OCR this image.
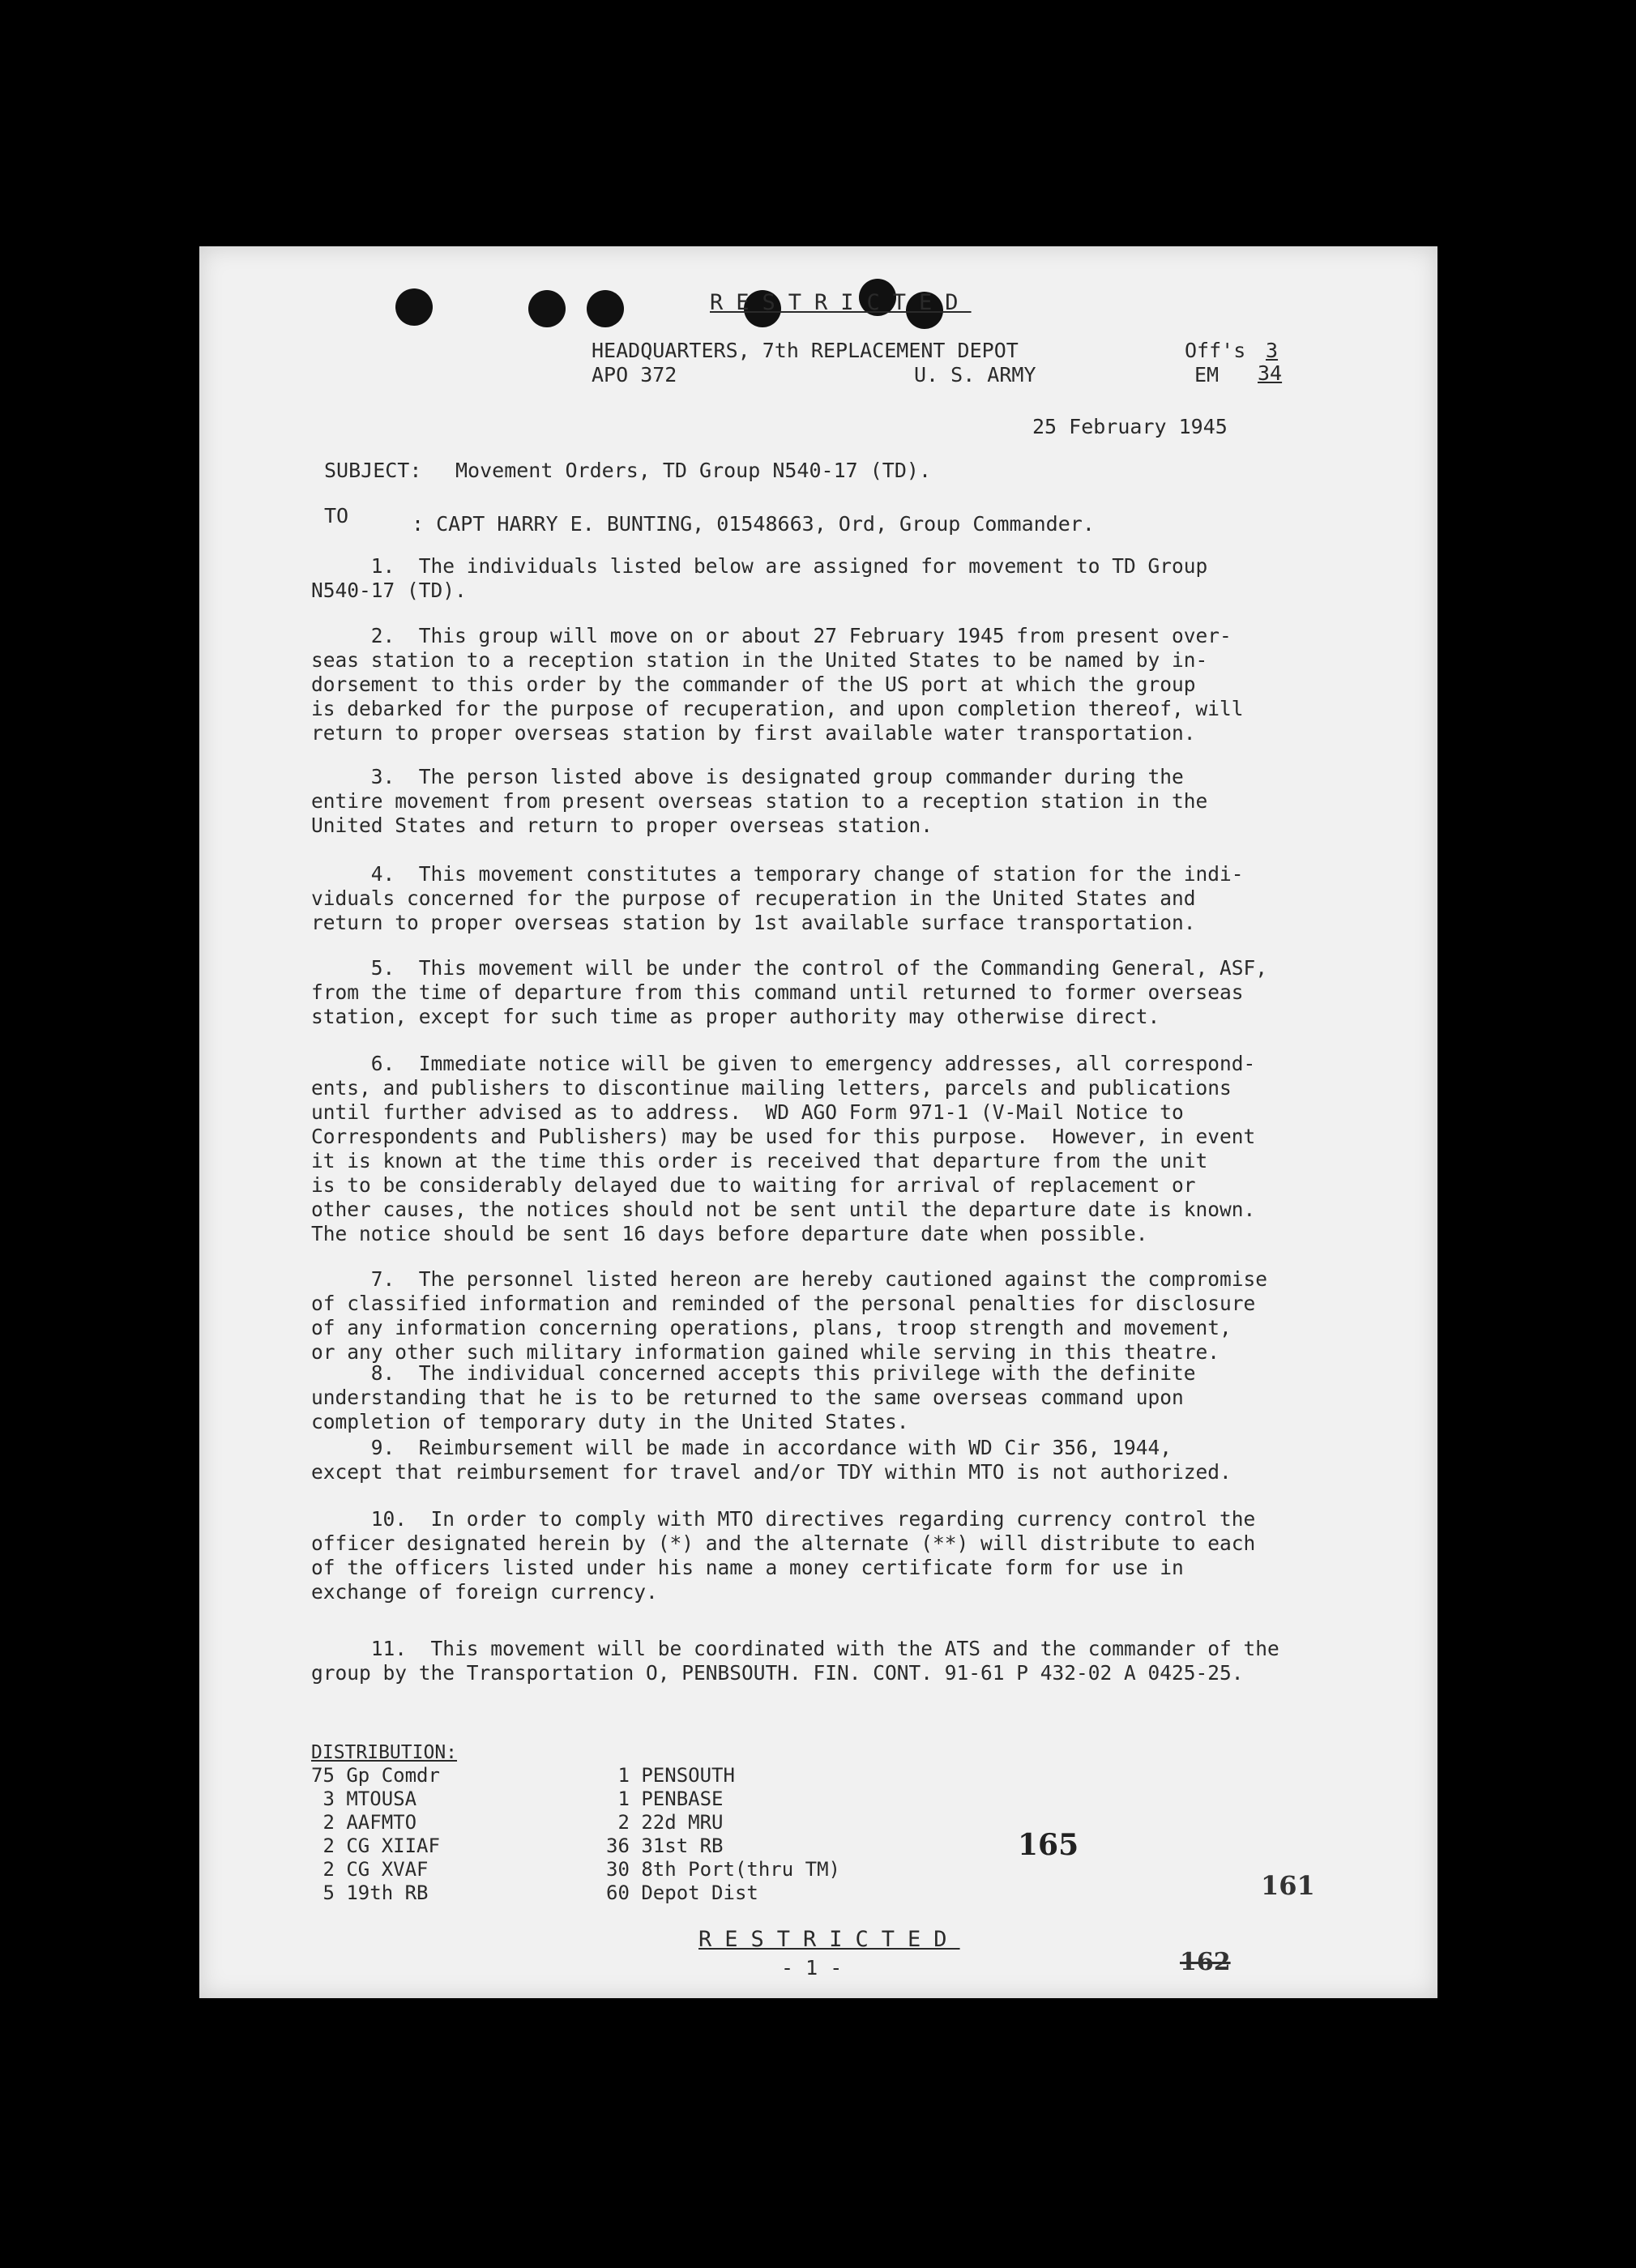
RESTRICTED
HEADQUARTERS, 7th REPLACEMENT DEPOT
APO 372	U. S. ARMY
Off's 3
EM 34
25 February 1945
SUBJECT: Movement Orders, TD Group N540-17 (TD).
TO	: CAPT HARRY E. BUNTING, 01548663, Ord, Group Commander.
1.  The individuals listed below are assigned for movement to TD Group
N540-17 (TD).
2.  This group will move on or about 27 February 1945 from present over-
seas station to a reception station in the United States to be named by in-
dorsement to this order by the commander of the US port at which the group
is debarked for the purpose of recuperation, and upon completion thereof, will
return to proper overseas station by first available water transportation.
3.  The person listed above is designated group commander during the
entire movement from present overseas station to a reception station in the
United States and return to proper overseas station.
4.  This movement constitutes a temporary change of station for the indi-
viduals concerned for the purpose of recuperation in the United States and
return to proper overseas station by 1st available surface transportation.
5.  This movement will be under the control of the Commanding General, ASF,
from the time of departure from this command until returned to former overseas
station, except for such time as proper authority may otherwise direct.
6.  Immediate notice will be given to emergency addresses, all correspond-
ents, and publishers to discontinue mailing letters, parcels and publications
until further advised as to address.  WD AGO Form 971-1 (V-Mail Notice to
Correspondents and Publishers) may be used for this purpose.  However, in event
it is known at the time this order is received that departure from the unit
is to be considerably delayed due to waiting for arrival of replacement or
other causes, the notices should not be sent until the departure date is known.
The notice should be sent 16 days before departure date when possible.
7.  The personnel listed hereon are hereby cautioned against the compromise
of classified information and reminded of the personal penalties for disclosure
of any information concerning operations, plans, troop strength and movement,
or any other such military information gained while serving in this theatre.
8.  The individual concerned accepts this privilege with the definite
understanding that he is to be returned to the same overseas command upon
completion of temporary duty in the United States.
9.  Reimbursement will be made in accordance with WD Cir 356, 1944,
except that reimbursement for travel and/or TDY within MTO is not authorized.
10.  In order to comply with MTO directives regarding currency control the
officer designated herein by (*) and the alternate (**) will distribute to each
of the officers listed under his name a money certificate form for use in
exchange of foreign currency.
11.  This movement will be coordinated with the ATS and the commander of the
group by the Transportation O, PENBSOUTH. FIN. CONT. 91-61 P 432-02 A 0425-25.
DISTRIBUTION:
75 Gp Comdr
3 MTOUSA
2 AAFMTO
2 CG XIIAF
2 CG XVAF
5 19th RB
1 PENSOUTH
1 PENBASE
2 22d MRU
36 31st RB
30 8th Port(thru TM)
60 Depot Dist
165
161
162
RESTRICTED
- 1 -
